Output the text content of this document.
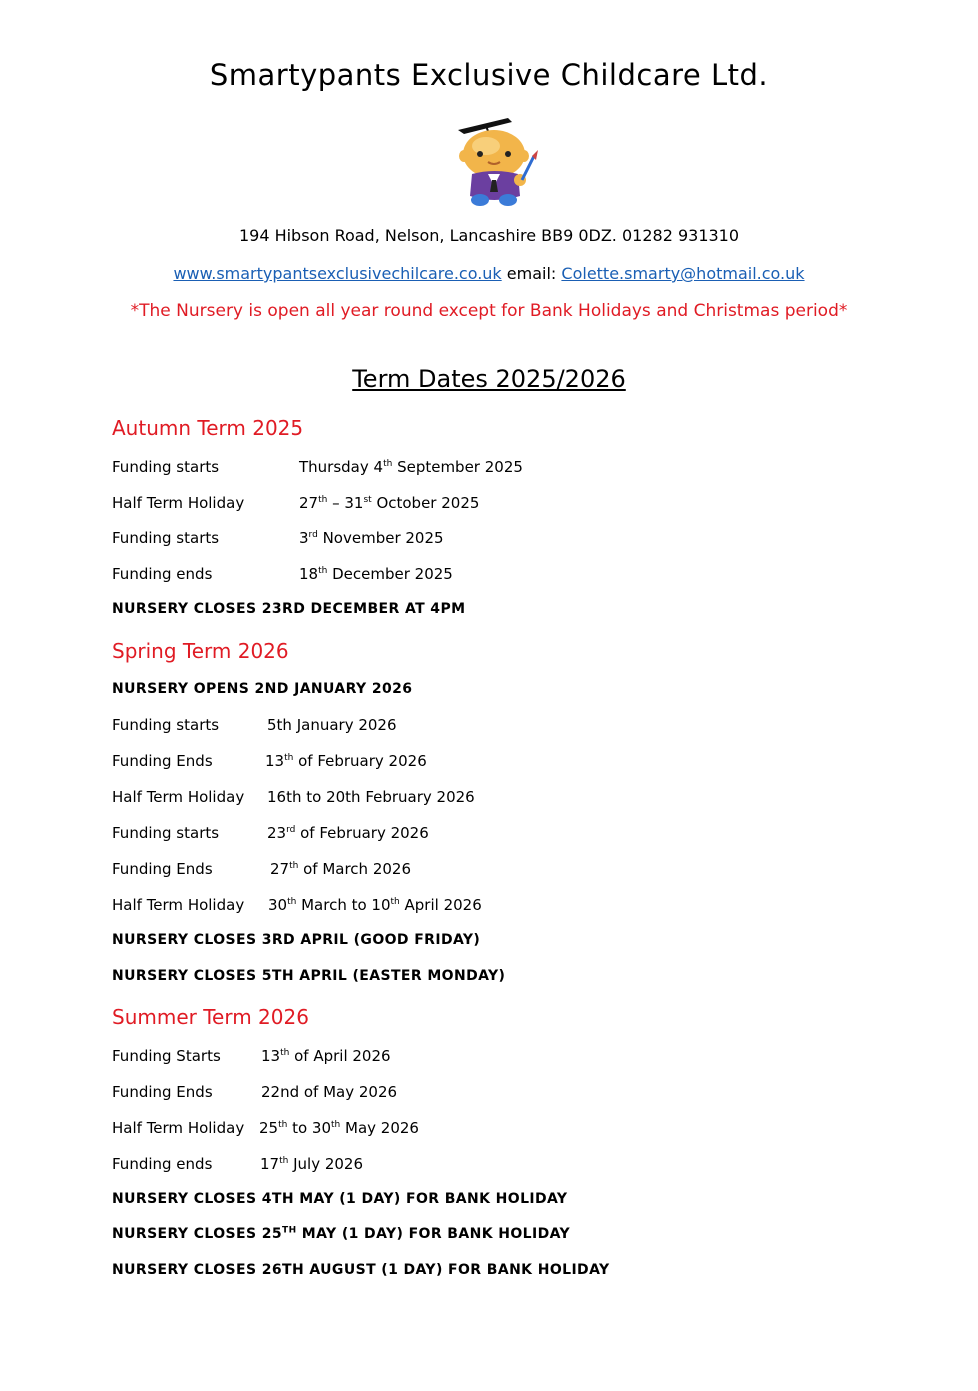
Smartypants Exclusive Childcare Ltd.
194 Hibson Road, Nelson, Lancashire BB9 0DZ. 01282 931310
www.smartypantsexclusivechilcare.co.uk email: Colette.smarty@hotmail.co.uk
*The Nursery is open all year round except for Bank Holidays and Christmas period*
Term Dates 2025/2026
Autumn Term 2025
Funding starts	Thursday 4th September 2025
Half Term Holiday	27th – 31st October 2025
Funding starts	3rd November 2025
Funding ends	18th December 2025
NURSERY CLOSES 23RD DECEMBER AT 4PM
Spring Term 2026
NURSERY OPENS 2ND JANUARY 2026
Funding starts	5th January 2026
Funding Ends	13th of February 2026
Half Term Holiday 16th to 20th February 2026
Funding starts	23rd of February 2026
Funding Ends	27th of March 2026
Half Term Holiday 30th March to 10th April 2026
NURSERY CLOSES 3RD APRIL (GOOD FRIDAY)
NURSERY CLOSES 5TH APRIL (EASTER MONDAY)
Summer Term 2026
Funding Starts	13th of April 2026
Funding Ends	22nd of May 2026
Half Term Holiday 25th to 30th May 2026
Funding ends	17th July 2026
NURSERY CLOSES 4TH MAY (1 DAY) FOR BANK HOLIDAY
NURSERY CLOSES 25TH MAY (1 DAY) FOR BANK HOLIDAY
NURSERY CLOSES 26TH AUGUST (1 DAY) FOR BANK HOLIDAY
